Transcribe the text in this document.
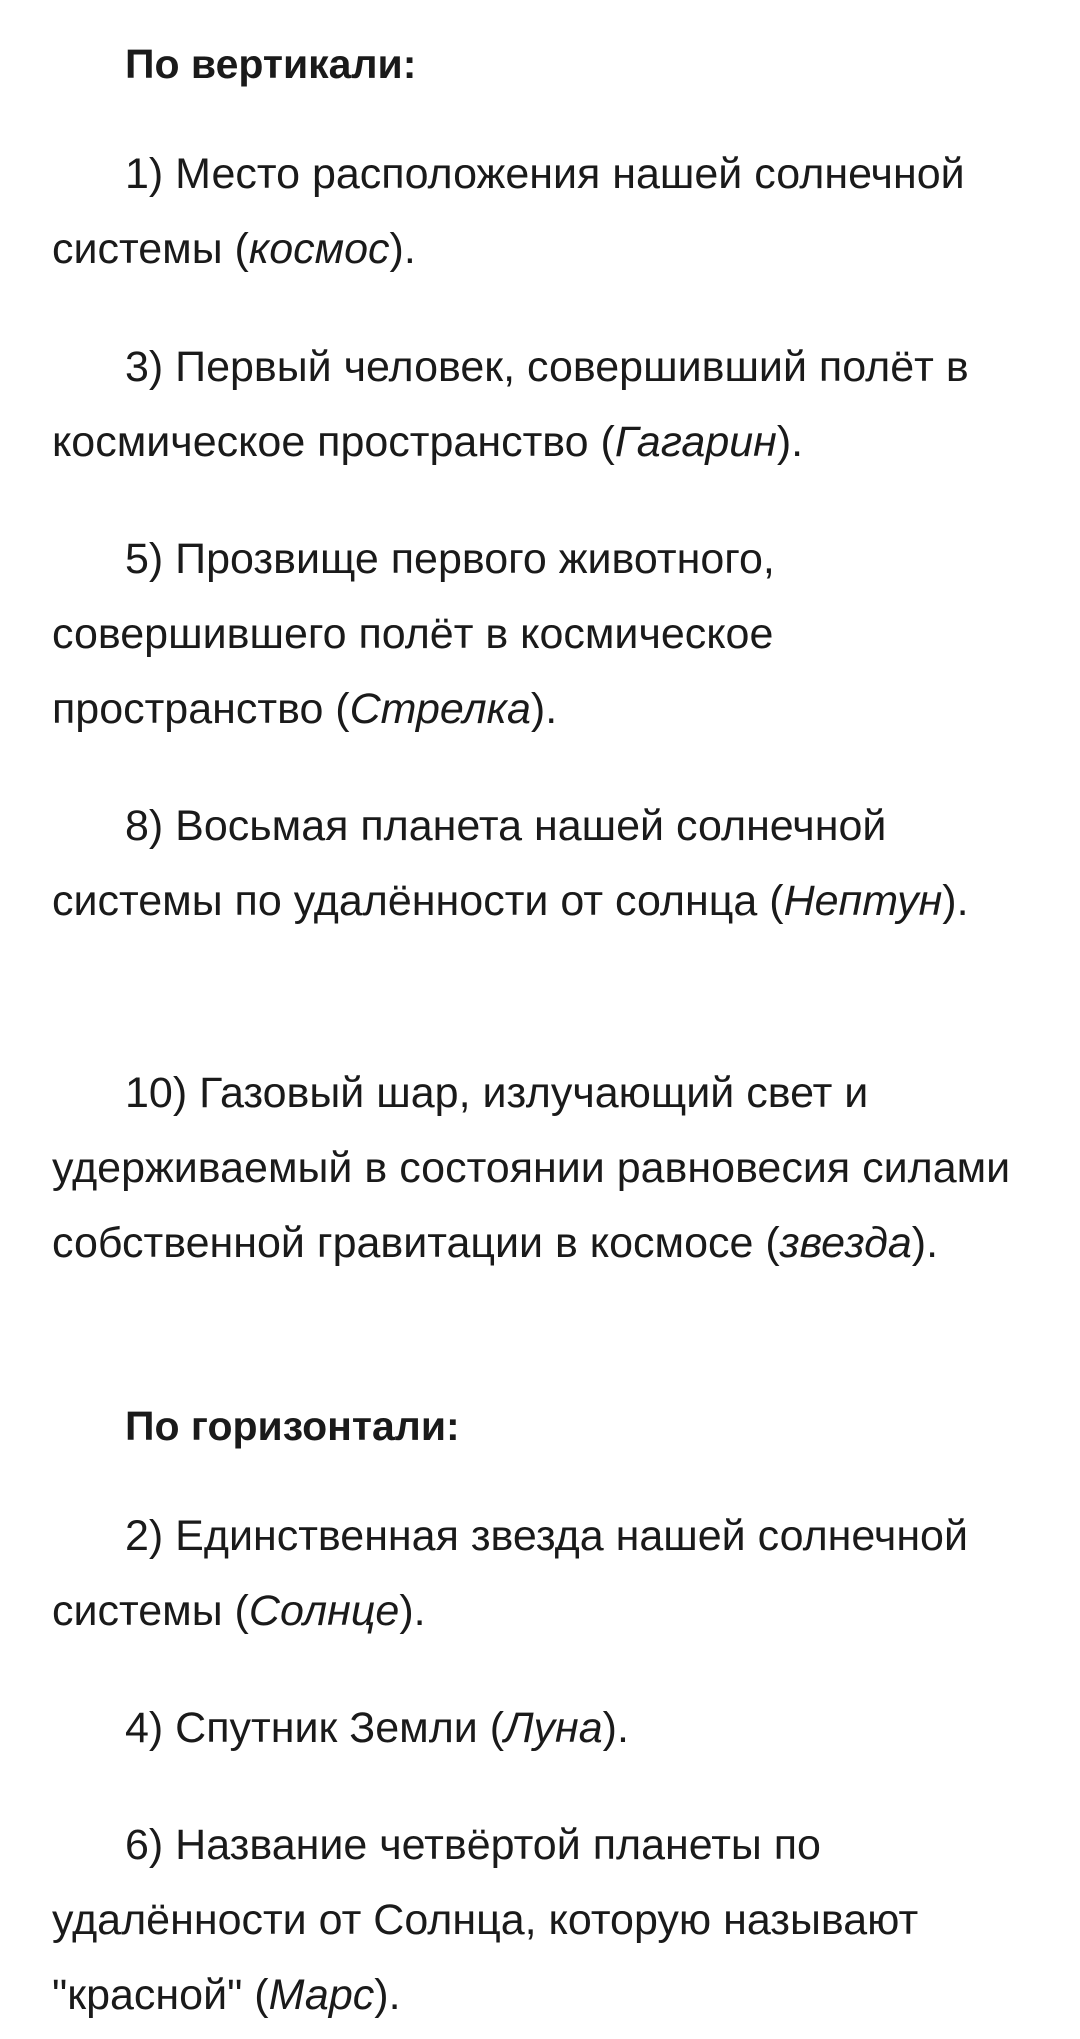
По вертикали:

1) Место расположения нашей солнечной системы (космос).

3) Первый человек, совершивший полёт в космическое пространство (Гагарин).

5) Прозвище первого животного, совершившего полёт в космическое пространство (Стрелка).

8) Восьмая планета нашей солнечной системы по удалённости от солнца (Нептун).

10) Газовый шар, излучающий свет и удерживаемый в состоянии равновесия силами собственной гравитации в космосе (звезда).

По горизонтали:

2) Единственная звезда нашей солнечной системы (Солнце).

4) Спутник Земли (Луна).

6) Название четвёртой планеты по удалённости от Солнца, которую называют "красной" (Марс).
